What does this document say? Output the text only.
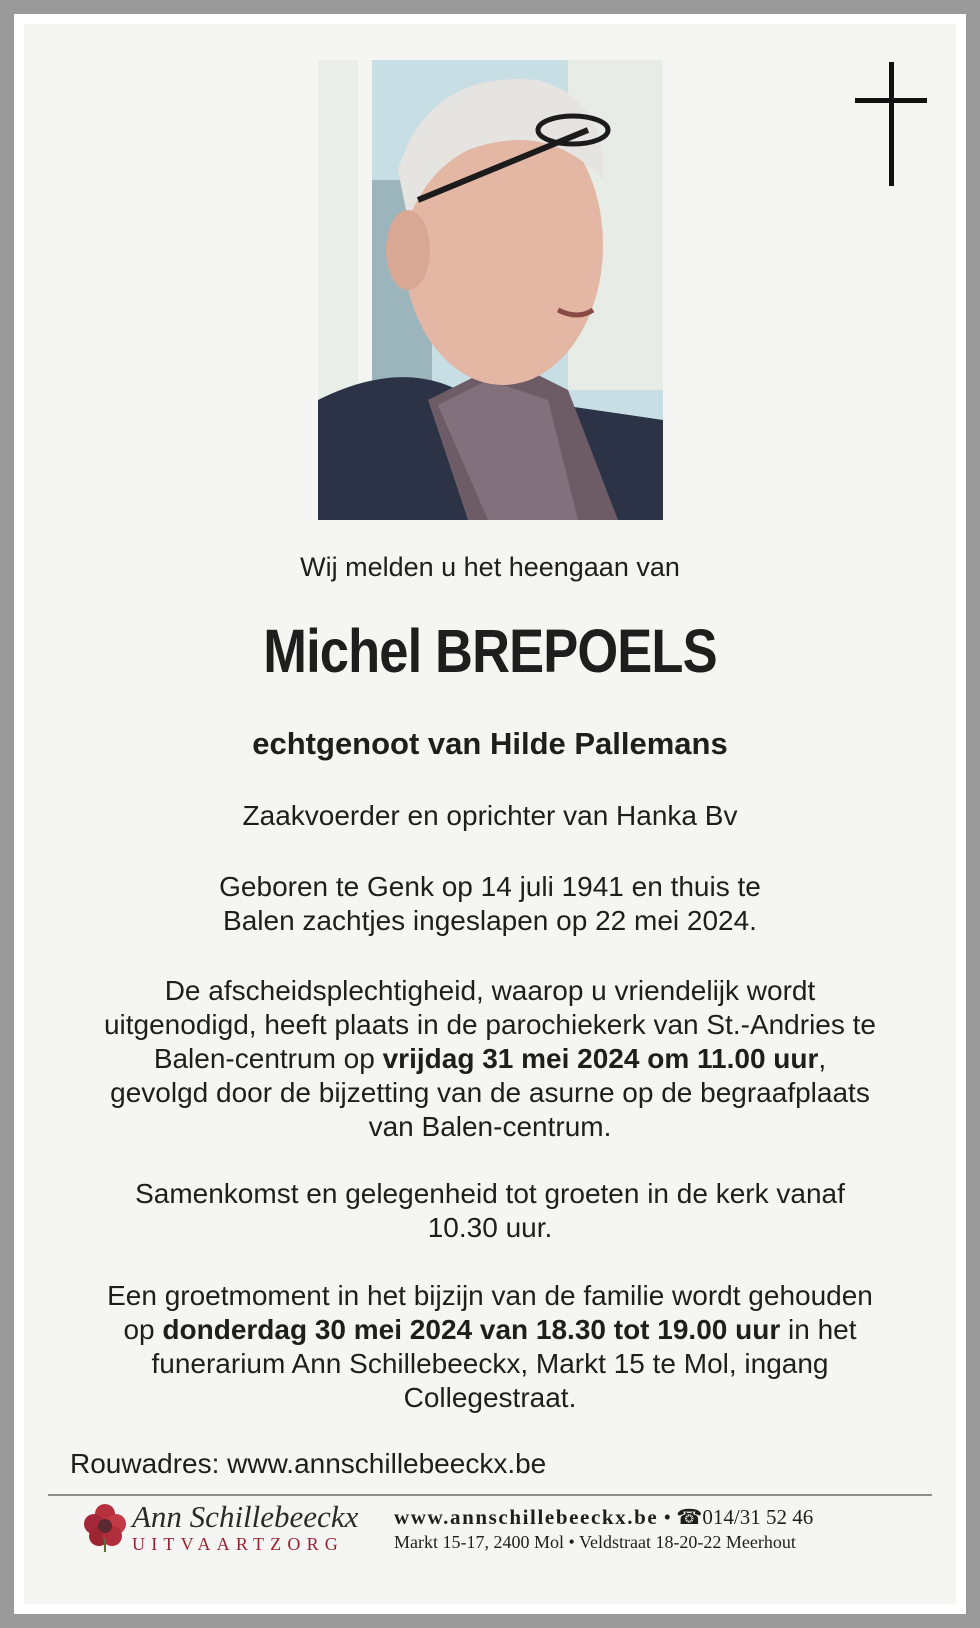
Wij melden u het heengaan van
Michel BREPOELS
echtgenoot van Hilde Pallemans
Zaakvoerder en oprichter van Hanka Bv
Geboren te Genk op 14 juli 1941 en thuis te
Balen zachtjes ingeslapen op 22 mei 2024.
De afscheidsplechtigheid, waarop u vriendelijk wordt
uitgenodigd, heeft plaats in de parochiekerk van St.-Andries te
Balen-centrum op vrijdag 31 mei 2024 om 11.00 uur,
gevolgd door de bijzetting van de asurne op de begraafplaats
van Balen-centrum.
Samenkomst en gelegenheid tot groeten in de kerk vanaf
10.30 uur.
Een groetmoment in het bijzijn van de familie wordt gehouden
op donderdag 30 mei 2024 van 18.30 tot 19.00 uur in het
funerarium Ann Schillebeeckx, Markt 15 te Mol, ingang
Collegestraat.
Rouwadres: www.annschillebeeckx.be
Ann Schillebeeckx
UITVAARTZORG
www.annschillebeeckx.be • ☎014/31 52 46
Markt 15-17, 2400 Mol • Veldstraat 18-20-22 Meerhout
